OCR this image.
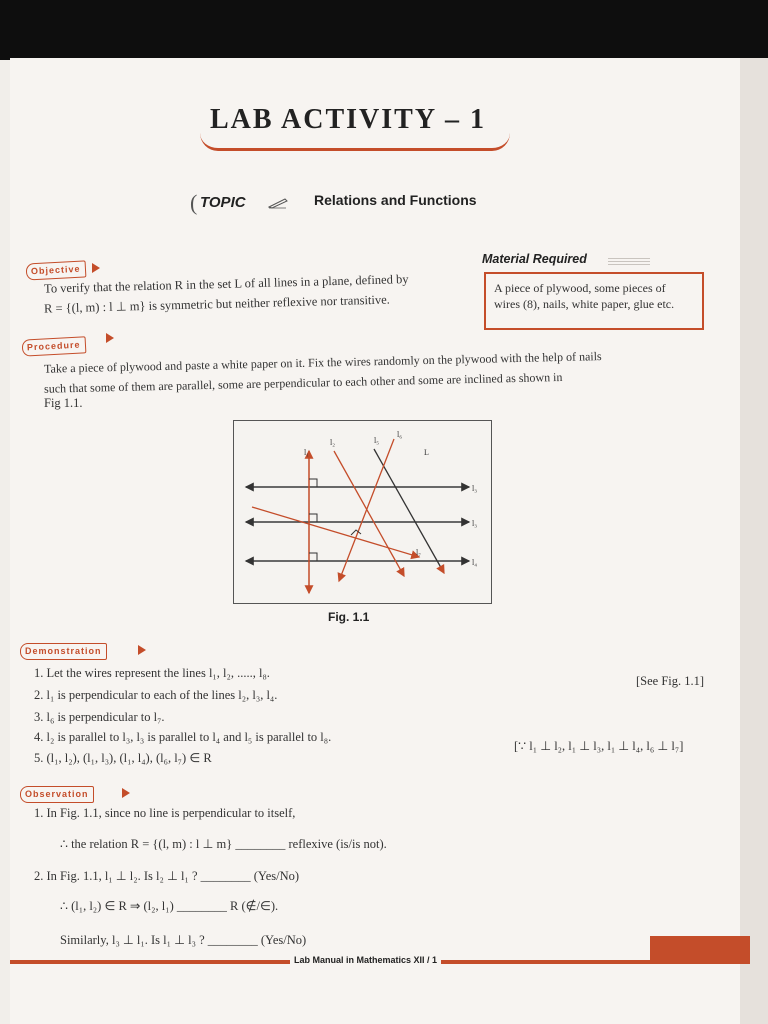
LAB ACTIVITY – 1
( TOPIC	Relations and Functions
Objective
To verify that the relation R in the set L of all lines in a plane, defined by
R = {(l, m) : l ⊥ m} is symmetric but neither reflexive nor transitive.
Material Required
A piece of plywood, some pieces of wires (8), nails, white paper, glue etc.
Procedure
Take a piece of plywood and paste a white paper on it. Fix the wires randomly on the plywood with the help of nails
such that some of them are parallel, some are perpendicular to each other and some are inclined as shown in
Fig 1.1.
l₁
l₂	l₅
l₆
L
l₃
l₃
l₄
l₇
Fig. 1.1
Demonstration
1. Let the wires represent the lines l₁, l₂, ....., l₈.
2. l₁ is perpendicular to each of the lines l₂, l₃, l₄.
3. l₆ is perpendicular to l₇.
4. l₂ is parallel to l₃, l₃ is parallel to l₄ and l₅ is parallel to l₈.
5. (l₁, l₂), (l₁, l₃), (l₁, l₄), (l₆, l₇) ∈ R
[See Fig. 1.1]
[∵ l₁ ⊥ l₂, l₁ ⊥ l₃, l₁ ⊥ l₄, l₆ ⊥ l₇]
Observation
1. In Fig. 1.1, since no line is perpendicular to itself,
∴ the relation R = {(l, m) : l ⊥ m} ________ reflexive (is/is not).
2. In Fig. 1.1, l₁ ⊥ l₂. Is l₂ ⊥ l₁ ? ________ (Yes/No)
∴ (l₁, l₂) ∈ R ⇒ (l₂, l₁) ________ R (∉/∈).
Similarly, l₃ ⊥ l₁. Is l₁ ⊥ l₃ ? ________ (Yes/No)
Lab Manual in Mathematics XII / 1
